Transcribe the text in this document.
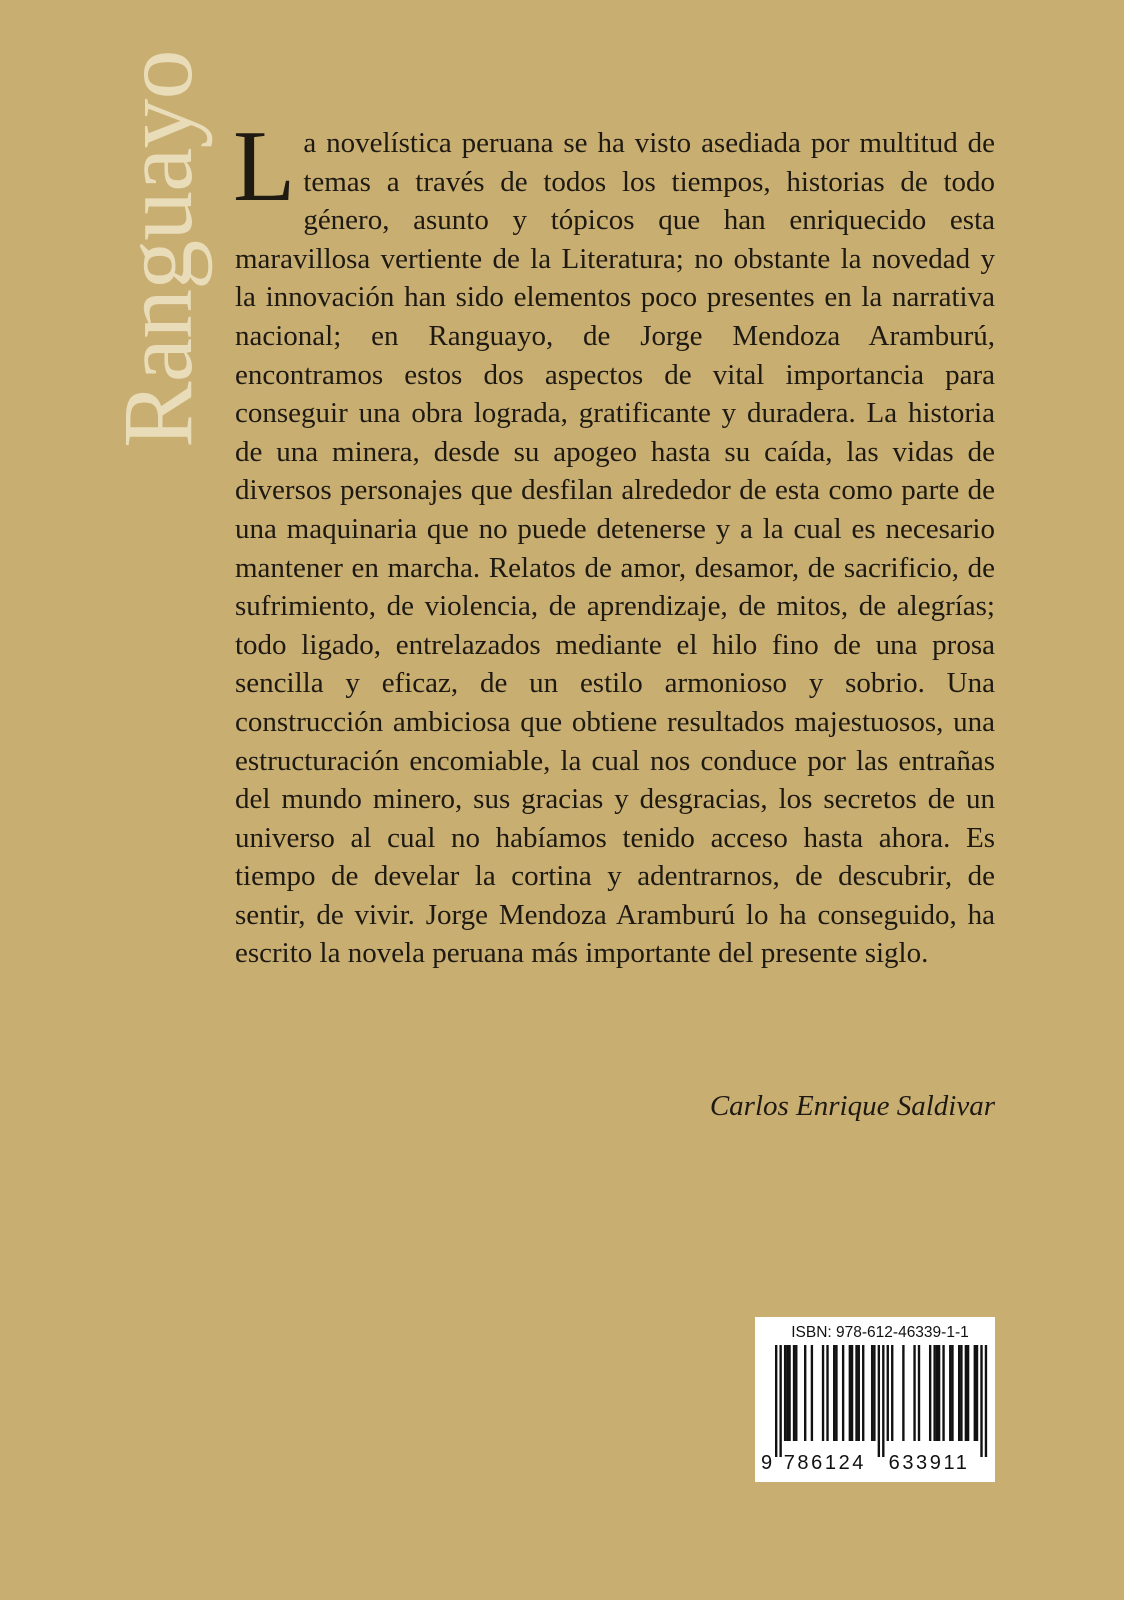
Ranguayo La novelística peruana se ha visto asediada por multitud de temas a través de todos los tiempos, historias de todo género, asunto y tópicos que han enriquecido esta maravillosa vertiente de la Literatura; no obstante la novedad y la innovación han sido elementos poco presentes en la narrativa nacional; en Ranguayo, de Jorge Mendoza Aramburú, encontramos estos dos aspectos de vital importancia para conseguir una obra lograda, gratificante y duradera. La historia de una minera, desde su apogeo hasta su caída, las vidas de diversos personajes que desfilan alrededor de esta como parte de una maquinaria que no puede detenerse y a la cual es necesario mantener en marcha. Relatos de amor, desamor, de sacrificio, de sufrimiento, de violencia, de aprendizaje, de mitos, de alegrías; todo ligado, entrelazados mediante el hilo fino de una prosa sencilla y eficaz, de un estilo armonioso y sobrio. Una construcción ambiciosa que obtiene resultados majestuosos, una estructuración encomiable, la cual nos conduce por las entrañas del mundo minero, sus gracias y desgracias, los secretos de un universo al cual no habíamos tenido acceso hasta ahora. Es tiempo de develar la cortina y adentrarnos, de descubrir, de sentir, de vivir. Jorge Mendoza Aramburú lo ha conseguido, ha escrito la novela peruana más importante del presente siglo.

Carlos Enrique Saldivar

ISBN: 978-612-46339-1-1
9 786124 633911
